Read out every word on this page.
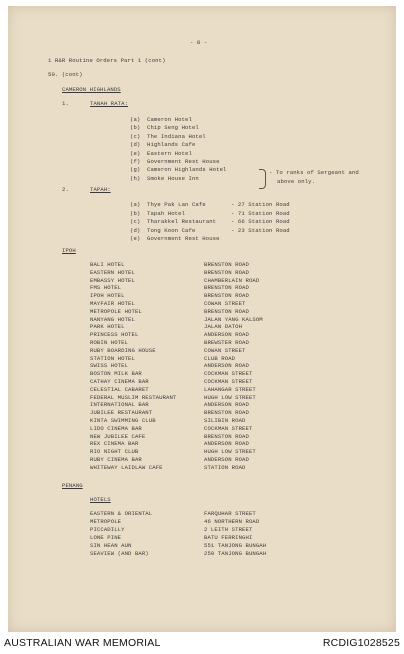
- 8 -
1 R&R Routine Orders Part 1 (cont)
50. (cont)
CAMERON HIGHLANDS
1.	TANAH RATA:
(a) Cameron Hotel
(b) Chip Seng Hotel
(c) The Indiana Hotel
(d) Highlands Cafe
(e) Eastern Hotel
(f) Government Rest House
(g) Cameron Highlands Hotel
(h) Smoke House Inn
- To ranks of Sergeant and
above only.
2.	TAPAH:
(a) Thye Pak Lan Cafe	- 27 Station Road
(b) Tapah Hotel	- 71 Station Road
(c) Tharakkel Restaurant	- 66 Station Road
(d) Tong Koon Cafe	- 23 Station Road
(e) Government Rest House
IPOH
BALI HOTEL	BRENSTON ROAD
EASTERN HOTEL	BRENSTON ROAD
EMBASSY HOTEL	CHAMBERLAIN ROAD
FMS HOTEL	BRENSTON ROAD
IPOH HOTEL	BRENSTON ROAD
MAYFAIR HOTEL	COWAN STREET
METROPOLE HOTEL	BRENSTON ROAD
NANYANG HOTEL	JALAN YANG KALSOM
PARK HOTEL	JALAN DATOH
PRINCESS HOTEL	ANDERSON ROAD
ROBIN HOTEL	BREWSTER ROAD
RUBY BOARDING HOUSE	COWAN STREET
STATION HOTEL	CLUB ROAD
SWISS HOTEL	ANDERSON ROAD
BOSTON MILK BAR	COCKMAN STREET
CATHAY CINEMA BAR	COCKMAN STREET
CELESTIAL CABARET	LAHANGAR STREET
FEDERAL MUSLIM RESTAURANT	HUGH LOW STREET
INTERNATIONAL BAR	ANDERSON ROAD
JUBILEE RESTAURANT	BRENSTON ROAD
KINTA SWIMMING CLUB	SILIBIN ROAD
LIDO CINEMA BAR	COCKMAN STREET
NEW JUBILEE CAFE	BRENSTON ROAD
REX CINEMA BAR	ANDERSON ROAD
RIO NIGHT CLUB	HUGH LOW STREET
RUBY CINEMA BAR	ANDERSON ROAD
WHITEWAY LAIDLAW CAFE	STATION ROAD
PENANG
HOTELS
EASTERN & ORIENTAL	FARQUHAR STREET
METROPOLE	46 NORTHERN ROAD
PICCADILLY	2 LEITH STREET
LONE PINE	BATU FERRINGHI
SIN HEAN AUN	551 TANJONG BUNGAH
SEAVIEW (AND BAR)	250 TANJONG BUNGAH
AUSTRALIAN WAR MEMORIAL	RCDIG1028525
